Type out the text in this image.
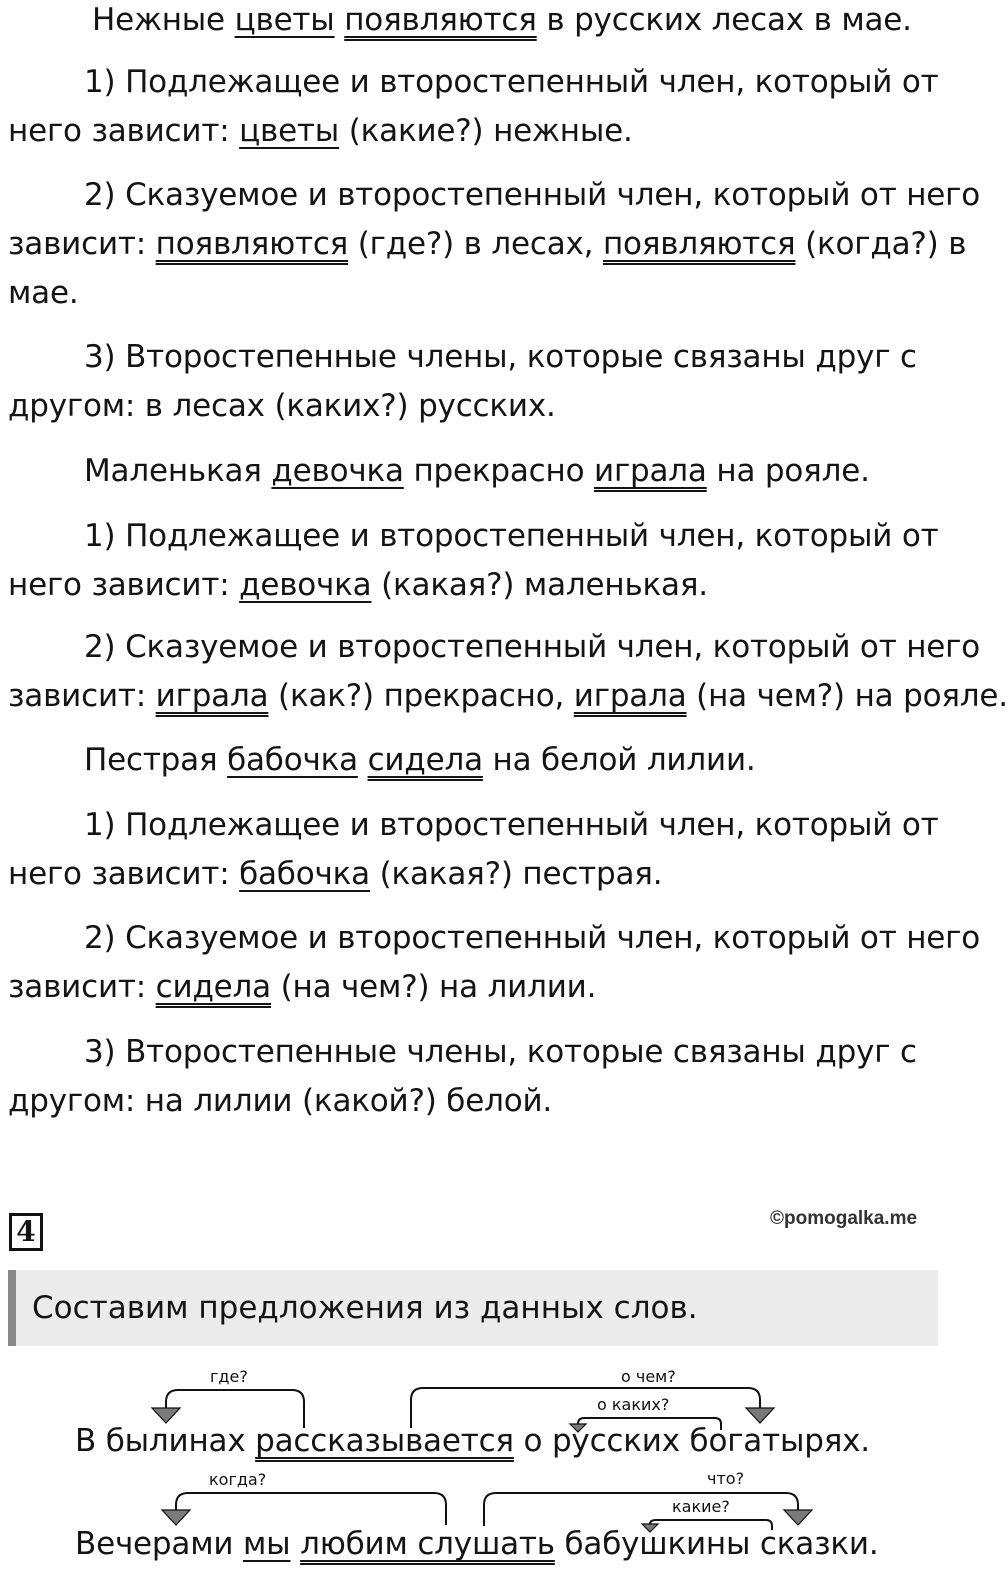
Нежные цветы появляются в русских лесах в мае.
1) Подлежащее и второстепенный член, который от
него зависит: цветы (какие?) нежные.
2) Сказуемое и второстепенный член, который от него
зависит: появляются (где?) в лесах, появляются (когда?) в
мае.
3) Второстепенные члены, которые связаны друг с
другом: в лесах (каких?) русских.
Маленькая девочка прекрасно играла на рояле.
1) Подлежащее и второстепенный член, который от
него зависит: девочка (какая?) маленькая.
2) Сказуемое и второстепенный член, который от него
зависит: играла (как?) прекрасно, играла (на чем?) на рояле.
Пестрая бабочка сидела на белой лилии.
1) Подлежащее и второстепенный член, который от
него зависит: бабочка (какая?) пестрая.
2) Сказуемое и второстепенный член, который от него
зависит: сидела (на чем?) на лилии.
3) Второстепенные члены, которые связаны друг с
другом: на лилии (какой?) белой.
4	©pomogalka.me
Составим предложения из данных слов.
где?	о чем?
о каких?
когда?	что?
какие?
В былинах рассказывается о русских богатырях.
Вечерами мы любим слушать бабушкины сказки.
